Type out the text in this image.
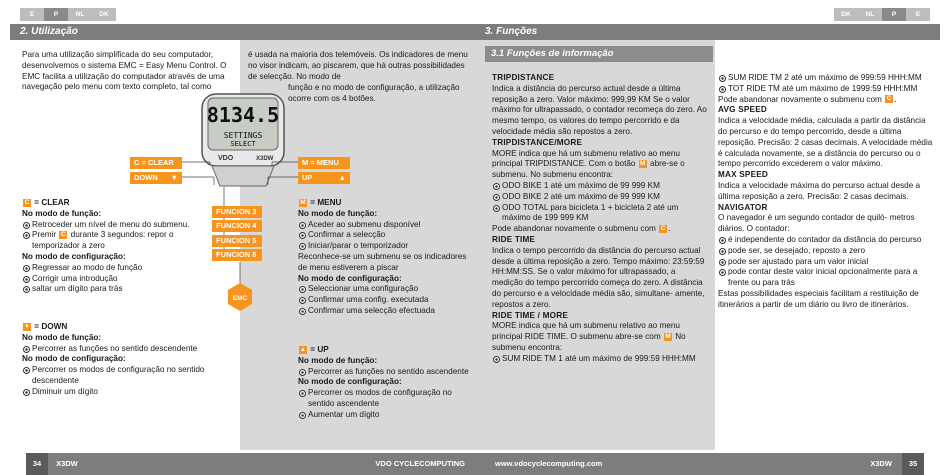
E	P	NL	DK
2. Utilização
Para uma utilização simplificada do seu computador, desenvolvemos o sistema EMC = Easy Menu Control. O EMC facilita a utilização do computador através de uma navegação pelo menu com texto completo, tal como
é usada na maioria dos telemóveis. Os indicadores de menu no visor indicam, ao piscarem, que há outras possibilidades de selecção. No modo de
função e no modo de configuração, a utilização ocorre com os 4 botões.
8134.5
SETTINGS
SELECT
VDO	X3DW
C = CLEAR
DOWN ▼
M = MENU
UP	▲
FUNCION 3
FUNCION 4
FUNCION 5
FUNCION 6
EMC

C = CLEAR

No modo de função:

Retroceder um nível de menu do submenu.
Premir C durante 3 segundos: repor o temporizador a zero

No modo de configuração:

Regressar ao modo de função
Corrigir uma introdução
saltar um dígito para trás

▼ = DOWN

No modo de função:

Percorrer as funções no sentido descendente

No modo de configuração:

Percorrer os modos de configuração no sentido descendente
Diminuir um dígito

M = MENU

No modo de função:

Aceder ao submenu disponível
Confirmar a selecção
Iniciar/parar o temporizador

Reconhece-se um submenu se os indicadores de menu estiverem a piscar

No modo de configuração:

Seleccionar uma configuração
Confirmar uma config. executada
Confirmar uma selecção efectuada

▲ = UP

No modo de função:

Percorrer as funções no sentido ascendente

No modo de configuração:

Percorrer os modos de configuração no sentido ascendente
Aumentar um dígito
34 X3DW	VDO CYCLECOMPUTING
DK	NL	P	E
3. Funções
3.1 Funções de informação

TRIPDISTANCE

Indica a distância do percurso actual desde a última reposição a zero. Valor máximo: 999,99 KM Se o valor máximo for ultrapassado, o contador recomeça do zero. Ao mesmo tempo, os valores do tempo percorrido e da velocidade média são repostos a zero.

TRIPDISTANCE/MORE

MORE indica que há um submenu relativo ao menu principal TRIPDISTANCE. Com o botão M abre-se o submenu. No submenu encontra:

ODO BIKE 1 até um máximo de 99 999 KM
ODO BIKE 2 até um máximo de 99 999 KM
ODO TOTAL para bicicleta 1 + bicicleta 2 até um máximo de 199 999 KM

Pode abandonar novamente o submenu com C .

RIDE TIME

Indica o tempo percorrido da distância do percurso actual desde a última reposição a zero. Tempo máximo: 23:59:59 HH:MM:SS. Se o valor máximo for ultrapassado, a medição do tempo percorrido começa do zero. A distância do percurso e a velocidade média são, simultane- amente, repostos a zero.

RIDE TIME / MORE

MORE indica que há um submenu relativo ao menu principal RIDE TIME. O submenu abre-se com M No submenu encontra:

SUM RIDE TM 1 até um máximo de 999:59 HHH:MM
SUM RIDE TM 2 até um máximo de 999:59 HHH:MM
TOT RIDE TM até um máximo de 1999:59 HHH:MM

Pode abandonar novamente o submenu com C .

AVG SPEED

Indica a velocidade média, calculada a partir da distância do percurso e do tempo percorrido, desde a última reposição. Precisão: 2 casas decimais. A velocidade média é calculada novamente, se a distância do percurso ou o tempo percorrido excederem o valor máximo.

MAX SPEED

Indica a velocidade máxima do percurso actual desde a última reposição a zero. Precisão: 2 casas decimais.

NAVIGATOR

O navegador é um segundo contador de quiló- metros diários. O contador:

é independente do contador da distância do percurso
pode ser, se desejado, reposto a zero
pode ser ajustado para um valor inicial
pode contar deste valor inicial opcionalmente para a frente ou para trás

Estas possibilidades especiais facilitam a restituição de itinerários a partir de um diário ou livro de itinerários.

www.vdocyclecomputing.com	X3DW	35
